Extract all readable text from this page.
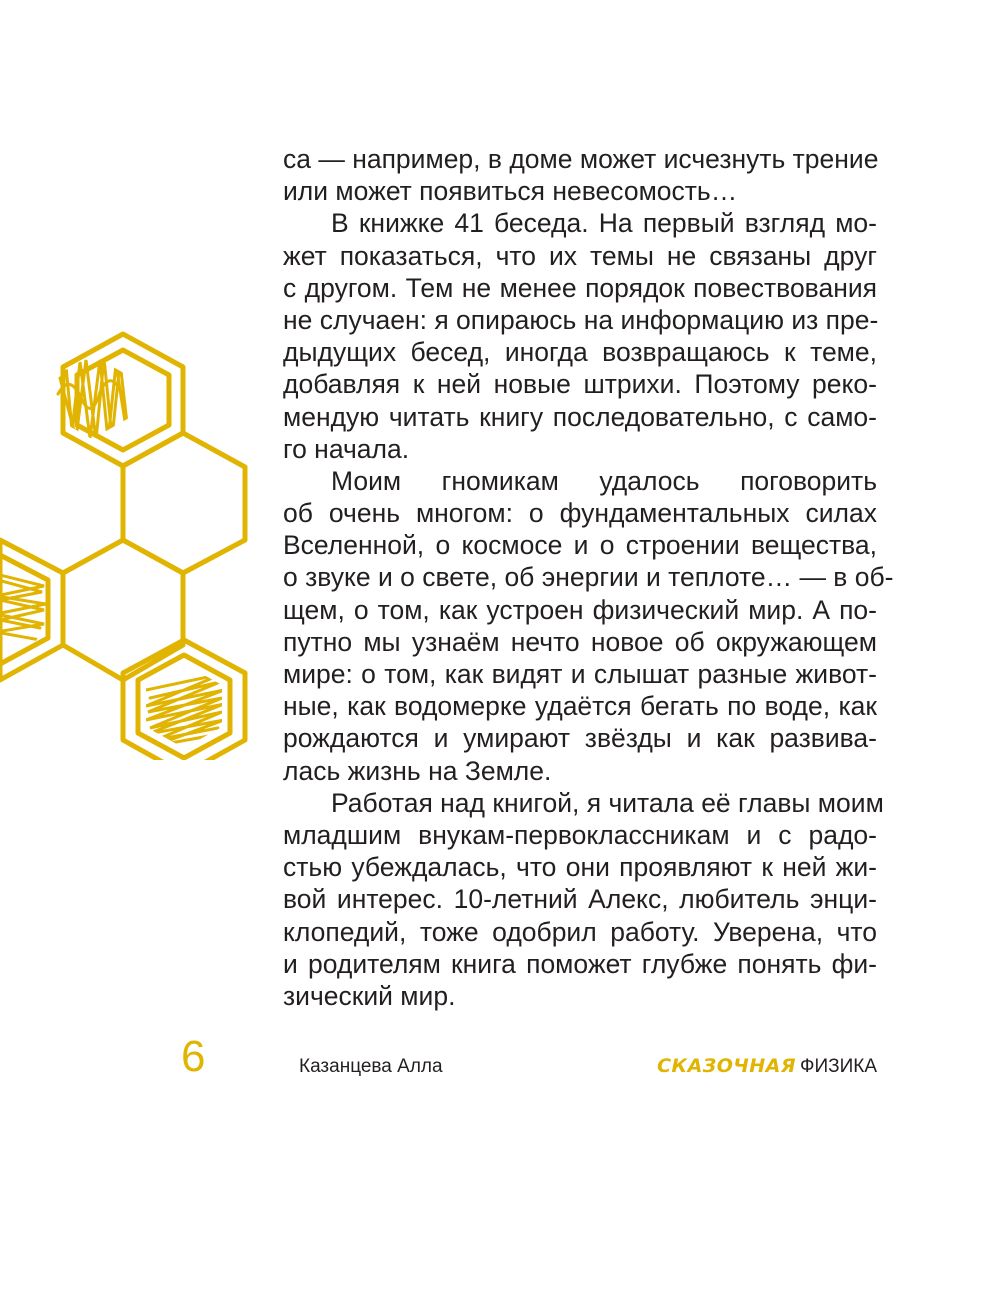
са — например, в доме может исчезнуть трение
или может появиться невесомость…
В книжке 41 беседа. На первый взгляд мо-
жет показаться, что их темы не связаны друг
с другом. Тем не менее порядок повествования
не случаен: я опираюсь на информацию из пре-
дыдущих бесед, иногда возвращаюсь к теме,
добавляя к ней новые штрихи. Поэтому реко-
мендую читать книгу последовательно, с само-
го начала.
Моим гномикам удалось поговорить
об очень многом: о фундаментальных силах
Вселенной, о космосе и о строении вещества,
о звуке и о свете, об энергии и теплоте… — в об-
щем, о том, как устроен физический мир. А по-
путно мы узнаём нечто новое об окружающем
мире: о том, как видят и слышат разные живот-
ные, как водомерке удаётся бегать по воде, как
рождаются и умирают звёзды и как развива-
лась жизнь на Земле.
Работая над книгой, я читала её главы моим
младшим внукам-первоклассникам и с радо-
стью убеждалась, что они проявляют к ней жи-
вой интерес. 10-летний Алекс, любитель энци-
клопедий, тоже одобрил работу. Уверена, что
и родителям книга поможет глубже понять фи-
зический мир.
6	Казанцева Алла	СКАЗОЧНАЯ ФИЗИКА
